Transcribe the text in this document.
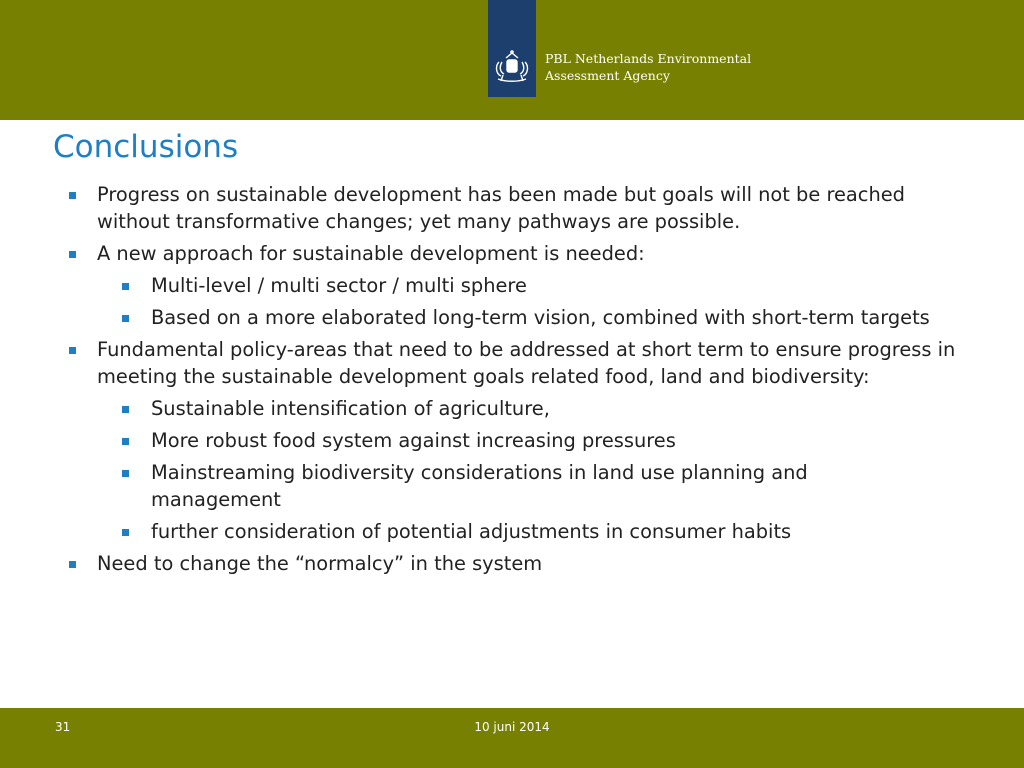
PBL Netherlands Environmental
Assessment Agency
Conclusions
Progress on sustainable development has been made but goals will not be reached without transformative changes; yet many pathways are possible.
A new approach for sustainable development is needed:
Multi-level / multi sector / multi sphere
Based on a more elaborated long-term vision, combined with short-term targets
Fundamental policy-areas that need to be addressed at short term to ensure progress in meeting the sustainable development goals related food, land and biodiversity:
Sustainable intensification of agriculture,
More robust food system against increasing pressures
Mainstreaming biodiversity considerations in land use planning and management
further consideration of potential adjustments in consumer habits
Need to change the “normalcy” in the system
31	10 juni 2014
